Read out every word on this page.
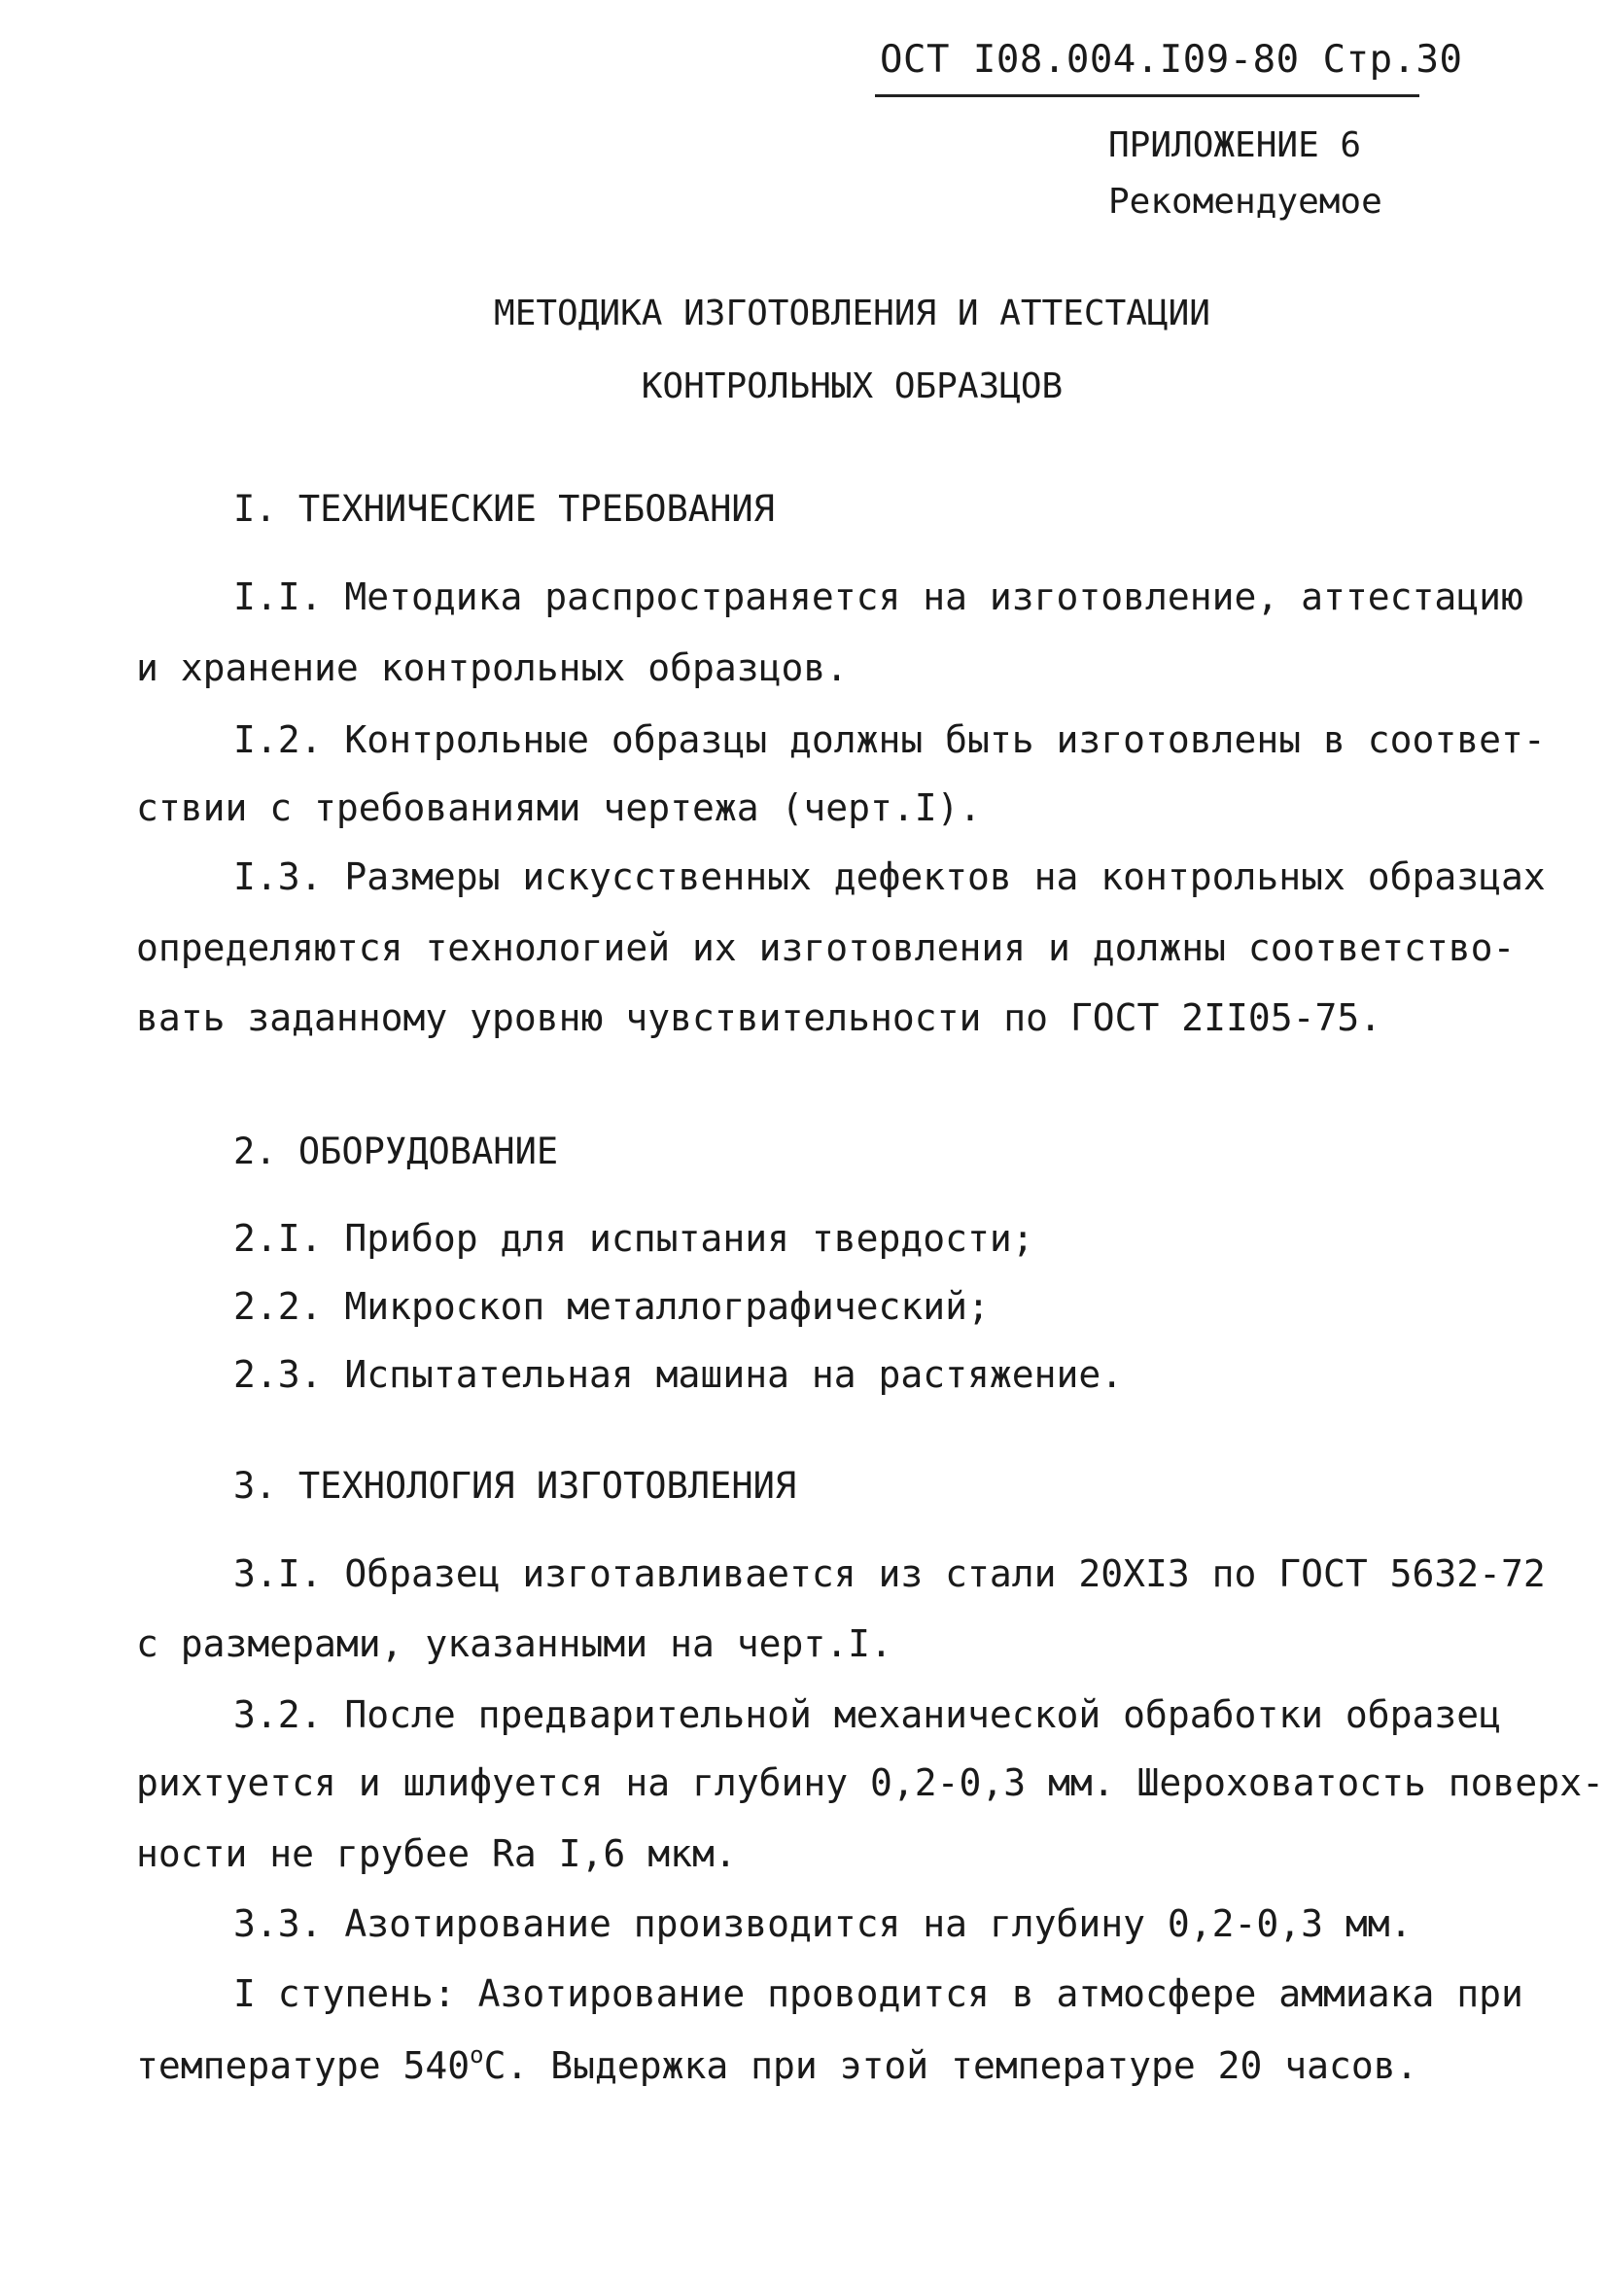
ОСТ I08.004.I09-80 Стр.30
ПРИЛОЖЕНИЕ 6
Рекомендуемое
МЕТОДИКА ИЗГОТОВЛЕНИЯ И АТТЕСТАЦИИ
КОНТРОЛЬНЫХ ОБРАЗЦОВ
I. ТЕХНИЧЕСКИЕ ТРЕБОВАНИЯ
I.I. Методика распространяется на изготовление, аттестацию
и хранение контрольных образцов.
I.2. Контрольные образцы должны быть изготовлены в соответ-
ствии с требованиями чертежа (черт.I).
I.3. Размеры искусственных дефектов на контрольных образцах
определяются технологией их изготовления и должны соответство-
вать заданному уровню чувствительности по ГОСТ 2II05-75.
2. ОБОРУДОВАНИЕ
2.I. Прибор для испытания твердости;
2.2. Микроскоп металлографический;
2.3. Испытательная машина на растяжение.
3. ТЕХНОЛОГИЯ ИЗГОТОВЛЕНИЯ
3.I. Образец изготавливается из стали 20ХI3 по ГОСТ 5632-72
с размерами, указанными на черт.I.
3.2. После предварительной механической обработки образец
рихтуется и шлифуется на глубину 0,2-0,3 мм. Шероховатость поверх-
ности не грубее Ra I,6 мкм.
3.3. Азотирование производится на глубину 0,2-0,3 мм.
I ступень: Азотирование проводится в атмосфере аммиака при
температуре $540^оС$. Выдержка при этой температуре 20 часов.
